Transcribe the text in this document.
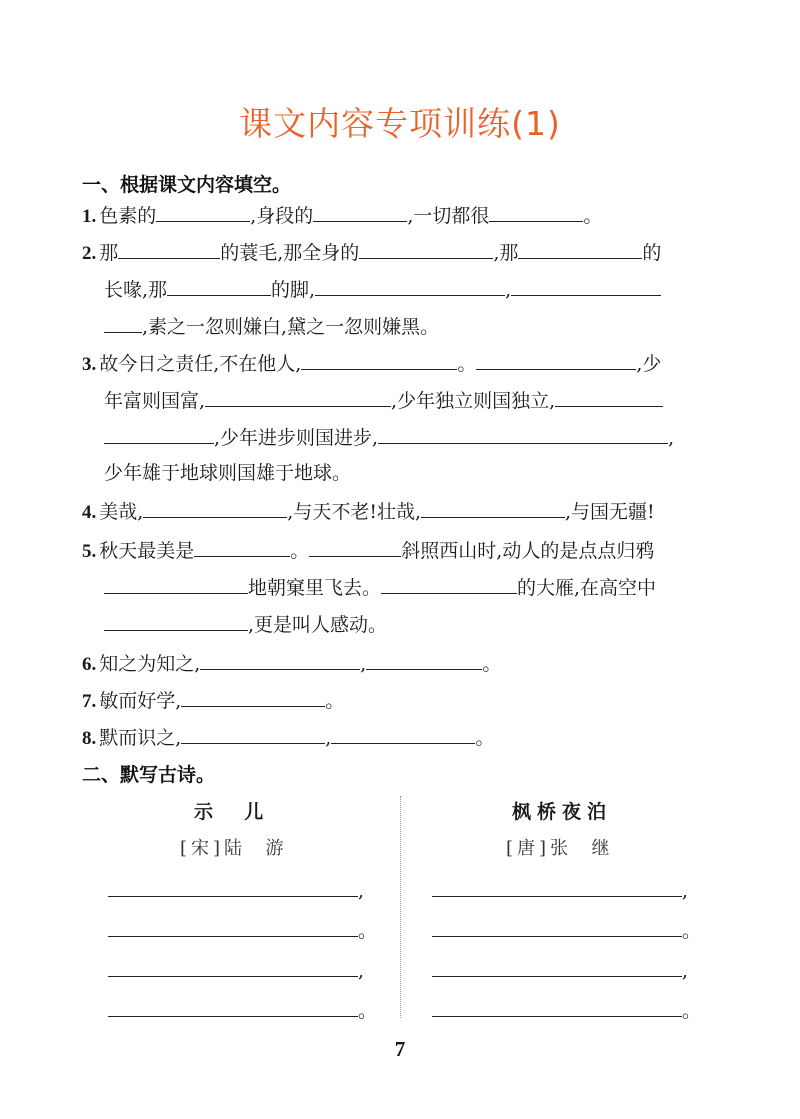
课文内容专项训练(1)
一、根据课文内容填空。
1. 色素的	,身段的	,一切都很	。
2. 那	的蓑毛,那全身的	,那	的
长喙,那	的脚,	,
,素之一忽则嫌白,黛之一忽则嫌黑。
3. 故今日之责任,不在他人,	。	,少
年富则国富,	,少年独立则国独立,
,少年进步则国进步,	,
少年雄于地球则国雄于地球。
4. 美哉,	,与天不老!壮哉,	,与国无疆!
5. 秋天最美是	。	斜照西山时,动人的是点点归鸦
地朝窠里飞去。	的大雁,在高空中
,更是叫人感动。
6. 知之为知之,	,	。
7. 敏而好学,	。
8. 默而识之,	,	。
二、默写古诗。
示  儿
[宋]陆  游
,
。
,
。
枫桥夜泊
[唐]张  继
,
。
,
。
7
